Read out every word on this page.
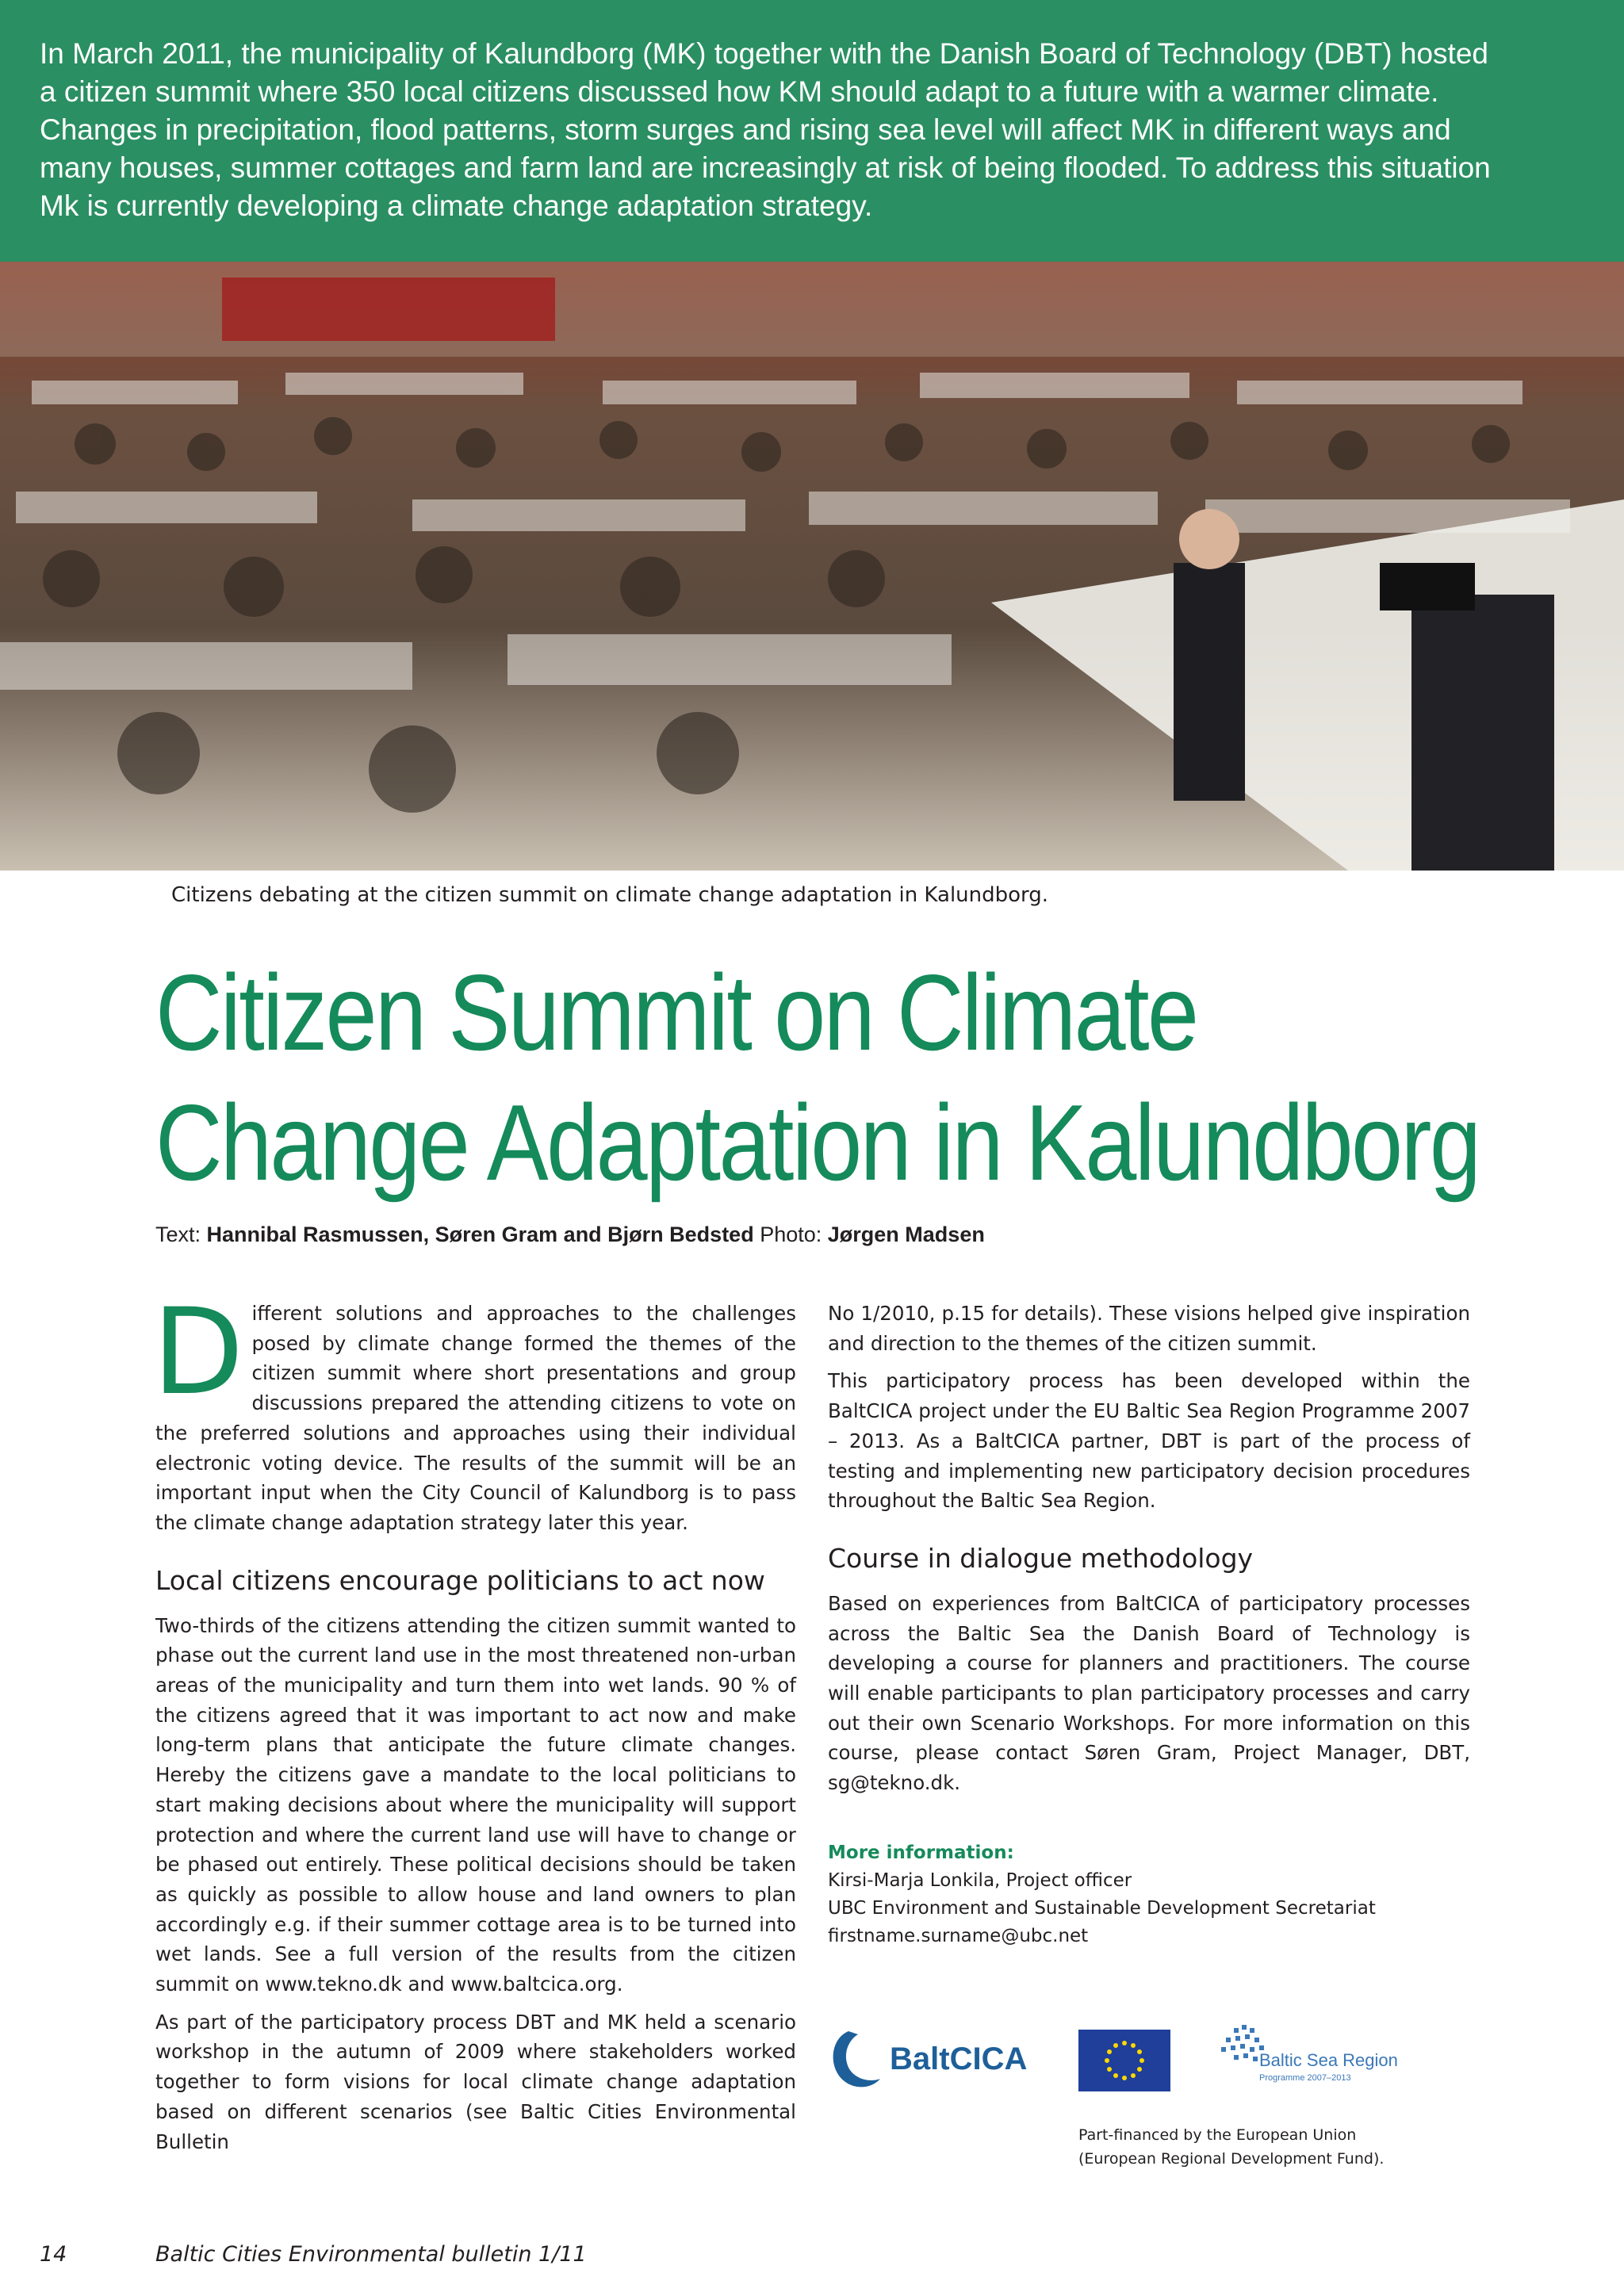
In March 2011, the municipality of Kalundborg (MK) together with the Danish Board of Technology (DBT) hosted a citizen summit where 350 local citizens discussed how KM should adapt to a future with a warmer climate. Changes in precipitation, flood patterns, storm surges and rising sea level will affect MK in different ways and many houses, summer cottages and farm land are increasingly at risk of being flooded. To address this situation Mk is currently developing a climate change adaptation strategy.

Citizens debating at the citizen summit on climate change adaptation in Kalundborg.
Citizen Summit on Climate
Change Adaptation in Kalundborg
Text: Hannibal Rasmussen, Søren Gram and Bjørn Bedsted Photo: Jørgen Madsen

Different solutions and approaches to the challenges posed by climate change formed the themes of the citizen summit where short presentations and group discussions prepared the attending citizens to vote on the preferred solutions and approaches using their individual electronic voting device. The results of the summit will be an important input when the City Council of Kalundborg is to pass the climate change adaptation strategy later this year.

Local citizens encourage politicians to act now

Two-thirds of the citizens attending the citizen summit wanted to phase out the current land use in the most threatened non-urban areas of the municipality and turn them into wet lands. 90 % of the citizens agreed that it was important to act now and make long-term plans that anticipate the future climate changes. Hereby the citizens gave a mandate to the local politicians to start making decisions about where the municipality will support protection and where the current land use will have to change or be phased out entirely. These political decisions should be taken as quickly as possible to allow house and land owners to plan accordingly e.g. if their summer cottage area is to be turned into wet lands. See a full version of the results from the citizen summit on www.tekno.dk and www.baltcica.org.

As part of the participatory process DBT and MK held a scenario workshop in the autumn of 2009 where stakeholders worked together to form visions for local climate change adaptation based on different scenarios (see Baltic Cities Environmental Bulletin

No 1/2010, p.15 for details). These visions helped give inspiration and direction to the themes of the citizen summit.

This participatory process has been developed within the BaltCICA project under the EU Baltic Sea Region Programme 2007 – 2013. As a BaltCICA partner, DBT is part of the process of testing and implementing new participatory decision procedures throughout the Baltic Sea Region.

Course in dialogue methodology

Based on experiences from BaltCICA of participatory processes across the Baltic Sea the Danish Board of Technology is developing a course for planners and practitioners. The course will enable participants to plan participatory processes and carry out their own Scenario Workshops. For more information on this course, please contact Søren Gram, Project Manager, DBT, sg@tekno.dk.

More information:
Kirsi-Marja Lonkila, Project officer
UBC Environment and Sustainable Development Secretariat
firstname.surname@ubc.net
BaltCICA	Baltic Sea Region
Programme 2007–2013
Part-financed by the European Union
(European Regional Development Fund).
14	Baltic Cities Environmental bulletin 1/11
